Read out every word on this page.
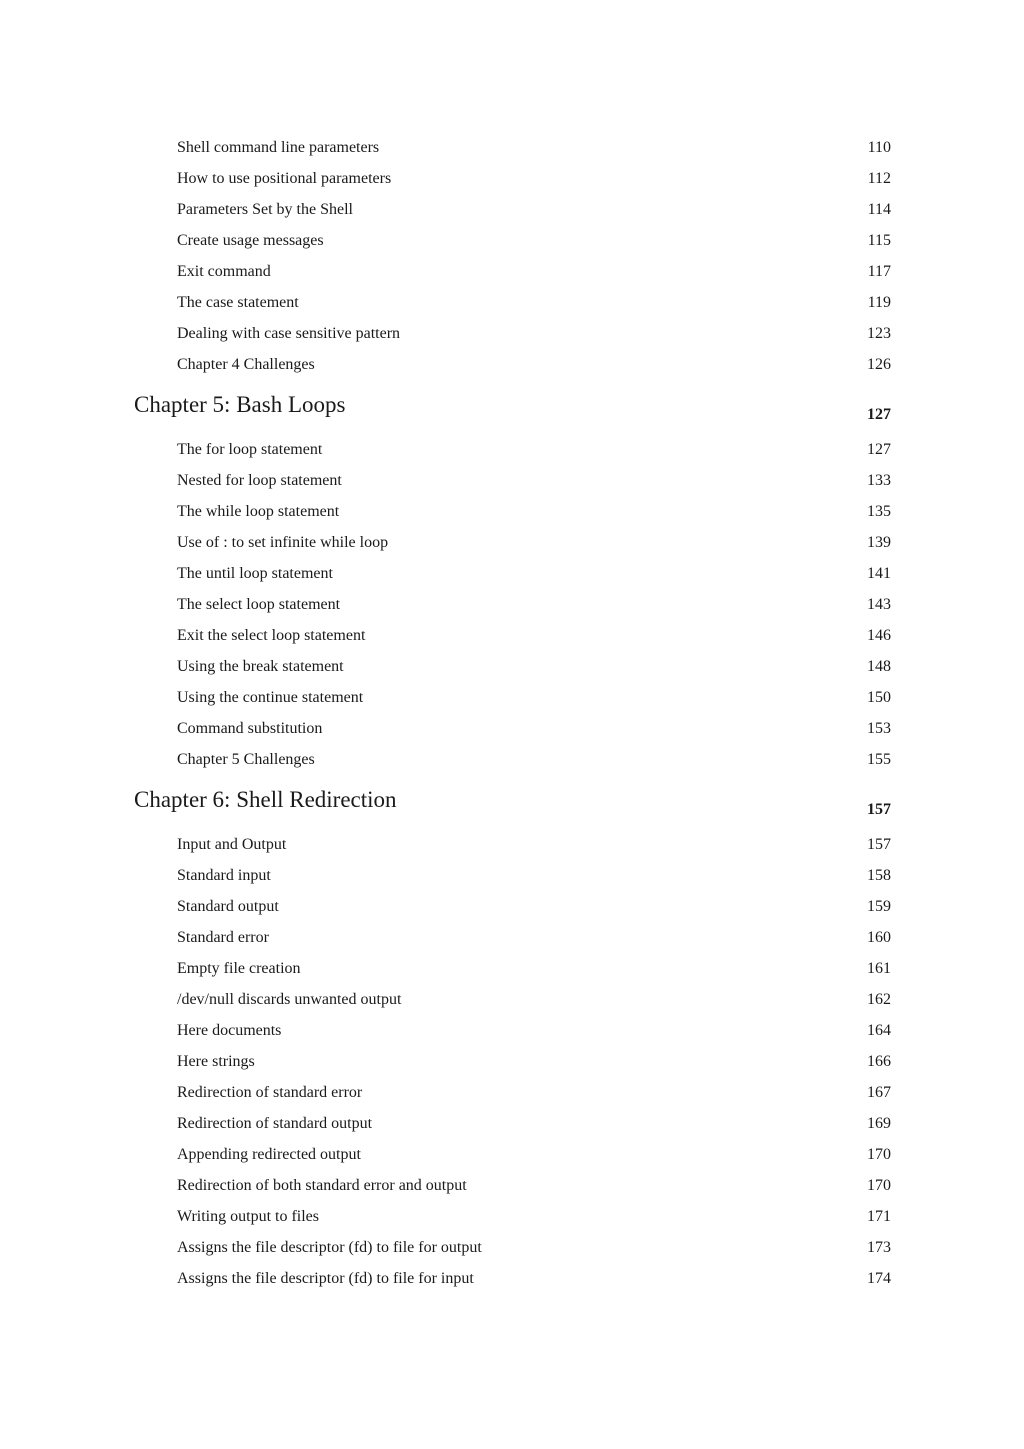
Shell command line parameters	110
How to use positional parameters	112
Parameters Set by the Shell	114
Create usage messages	115
Exit command	117
The case statement	119
Dealing with case sensitive pattern	123
Chapter 4 Challenges	126
Chapter 5: Bash Loops	127
The for loop statement	127
Nested for loop statement	133
The while loop statement	135
Use of : to set infinite while loop	139
The until loop statement	141
The select loop statement	143
Exit the select loop statement	146
Using the break statement	148
Using the continue statement	150
Command substitution	153
Chapter 5 Challenges	155
Chapter 6: Shell Redirection	157
Input and Output	157
Standard input	158
Standard output	159
Standard error	160
Empty file creation	161
/dev/null discards unwanted output	162
Here documents	164
Here strings	166
Redirection of standard error	167
Redirection of standard output	169
Appending redirected output	170
Redirection of both standard error and output	170
Writing output to files	171
Assigns the file descriptor (fd) to file for output	173
Assigns the file descriptor (fd) to file for input	174
